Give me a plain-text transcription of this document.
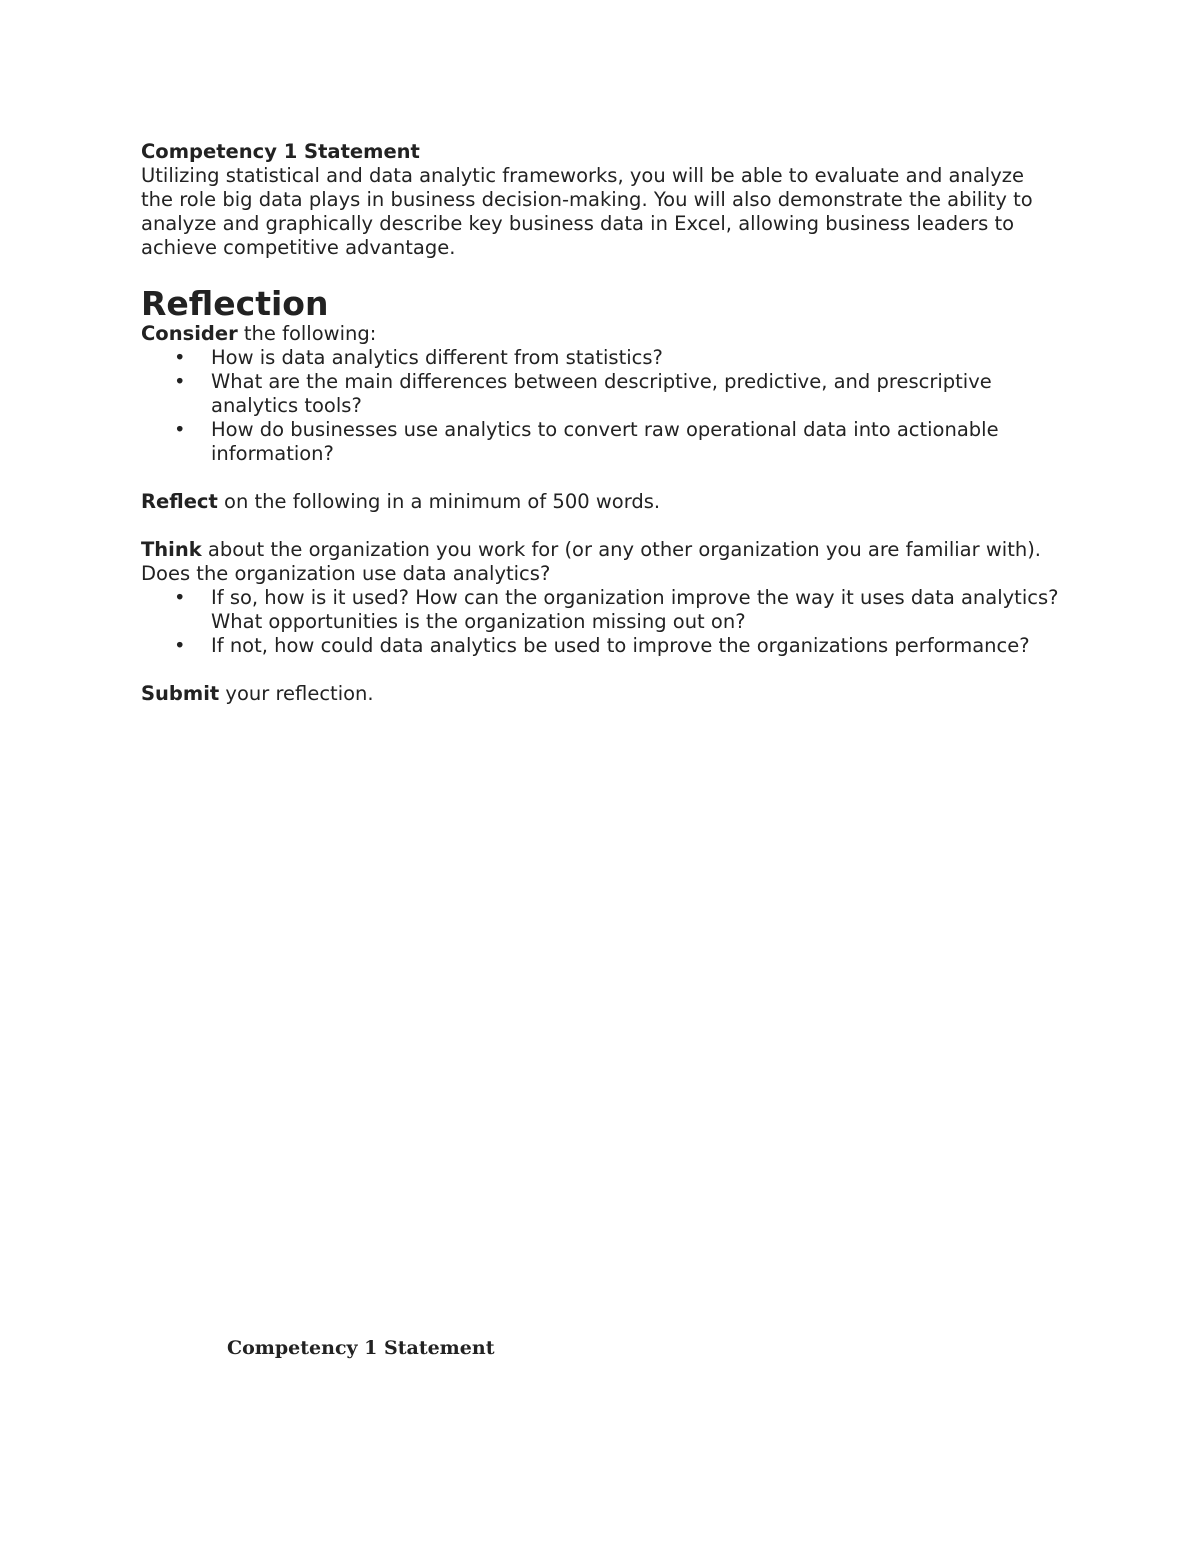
Competency 1 Statement

Utilizing statistical and data analytic frameworks, you will be able to evaluate and analyze the role big data plays in business decision-making. You will also demonstrate the ability to analyze and graphically describe key business data in Excel, allowing business leaders to achieve competitive advantage.

Reflection

Consider the following:

• How is data analytics different from statistics?
• What are the main differences between descriptive, predictive, and prescriptive analytics tools?
• How do businesses use analytics to convert raw operational data into actionable information?

Reflect on the following in a minimum of 500 words.

Think about the organization you work for (or any other organization you are familiar with). Does the organization use data analytics?

• If so, how is it used? How can the organization improve the way it uses data analytics? What opportunities is the organization missing out on?
• If not, how could data analytics be used to improve the organizations performance?

Submit your reflection.

Competency 1 Statement
